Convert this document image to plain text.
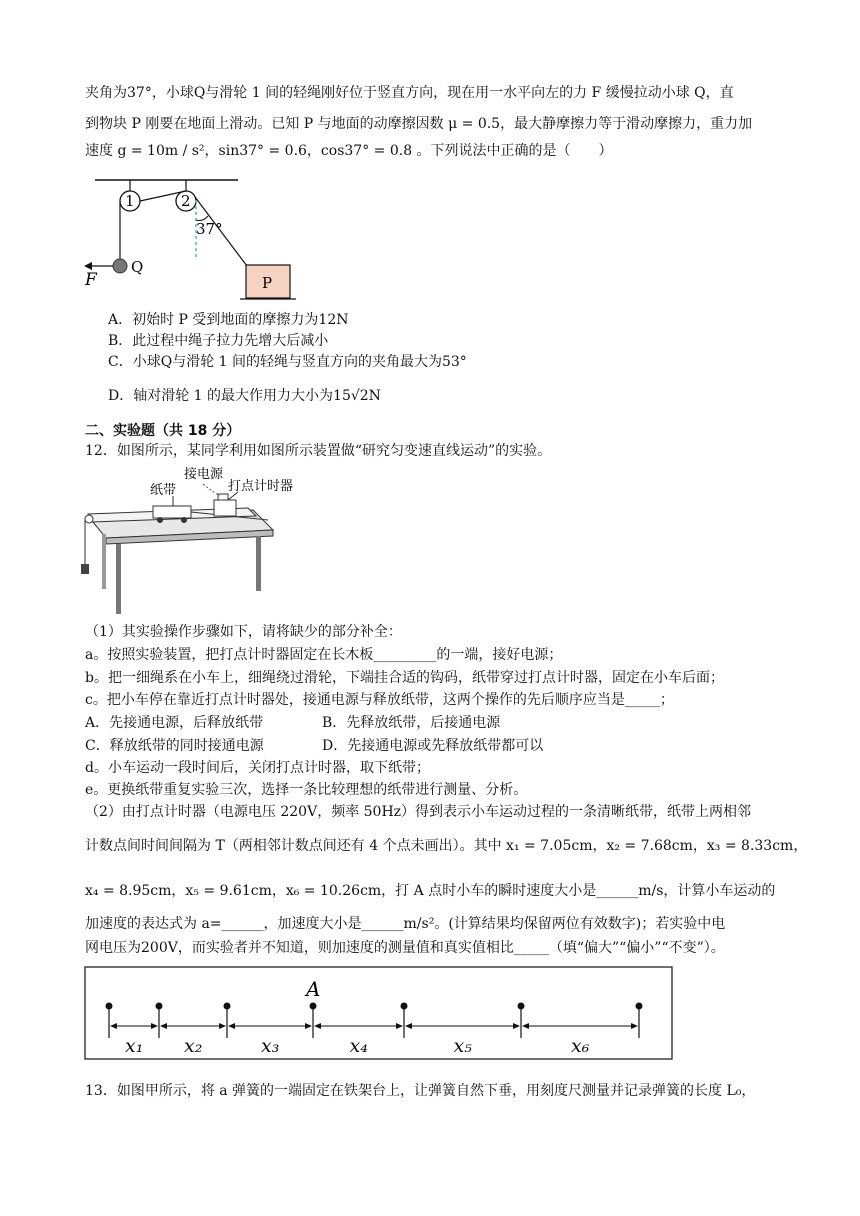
夹角为37°，小球Q与滑轮 1 间的轻绳刚好位于竖直方向，现在用一水平向左的力 F 缓慢拉动小球 Q，直
到物块 P 刚要在地面上滑动。已知 P 与地面的动摩擦因数 μ = 0.5，最大静摩擦力等于滑动摩擦力，重力加
速度 g = 10m / s²，sin37° = 0.6，cos37° = 0.8 。下列说法中正确的是（　　）
1	2
37°
Q
F	P
A．初始时 P 受到地面的摩擦力为12N
B．此过程中绳子拉力先增大后减小
C．小球Q与滑轮 1 间的轻绳与竖直方向的夹角最大为53°
D．轴对滑轮 1 的最大作用力大小为15√2N
二、实验题（共 18 分）
12．如图所示，某同学利用如图所示装置做“研究匀变速直线运动”的实验。
纸带
接电源
打点计时器
（1）其实验操作步骤如下，请将缺少的部分补全：
a。按照实验装置，把打点计时器固定在长木板_________的一端，接好电源；
b。把一细绳系在小车上，细绳绕过滑轮，下端挂合适的钩码，纸带穿过打点计时器，固定在小车后面；
c。把小车停在靠近打点计时器处，接通电源与释放纸带，这两个操作的先后顺序应当是_____；
A．先接通电源，后释放纸带	B．先释放纸带，后接通电源
C．释放纸带的同时接通电源	D．先接通电源或先释放纸带都可以
d。小车运动一段时间后，关闭打点计时器，取下纸带；
e。更换纸带重复实验三次，选择一条比较理想的纸带进行测量、分析。
（2）由打点计时器（电源电压 220V，频率 50Hz）得到表示小车运动过程的一条清晰纸带，纸带上两相邻
计数点间时间间隔为 T（两相邻计数点间还有 4 个点未画出）。其中 x₁ = 7.05cm，x₂ = 7.68cm，x₃ = 8.33cm，
x₄ = 8.95cm，x₅ = 9.61cm，x₆ = 10.26cm，打 A 点时小车的瞬时速度大小是______m/s，计算小车运动的
加速度的表达式为 a=______，加速度大小是______m/s²。(计算结果均保留两位有效数字)；若实验中电
网电压为200V，而实验者并不知道，则加速度的测量值和真实值相比_____（填“偏大”“偏小”“不变”）。
A
x₁ x₂	x₃	x₄	x₅	x₆
13．如图甲所示，将 a 弹簧的一端固定在铁架台上，让弹簧自然下垂，用刻度尺测量并记录弹簧的长度 L₀，
